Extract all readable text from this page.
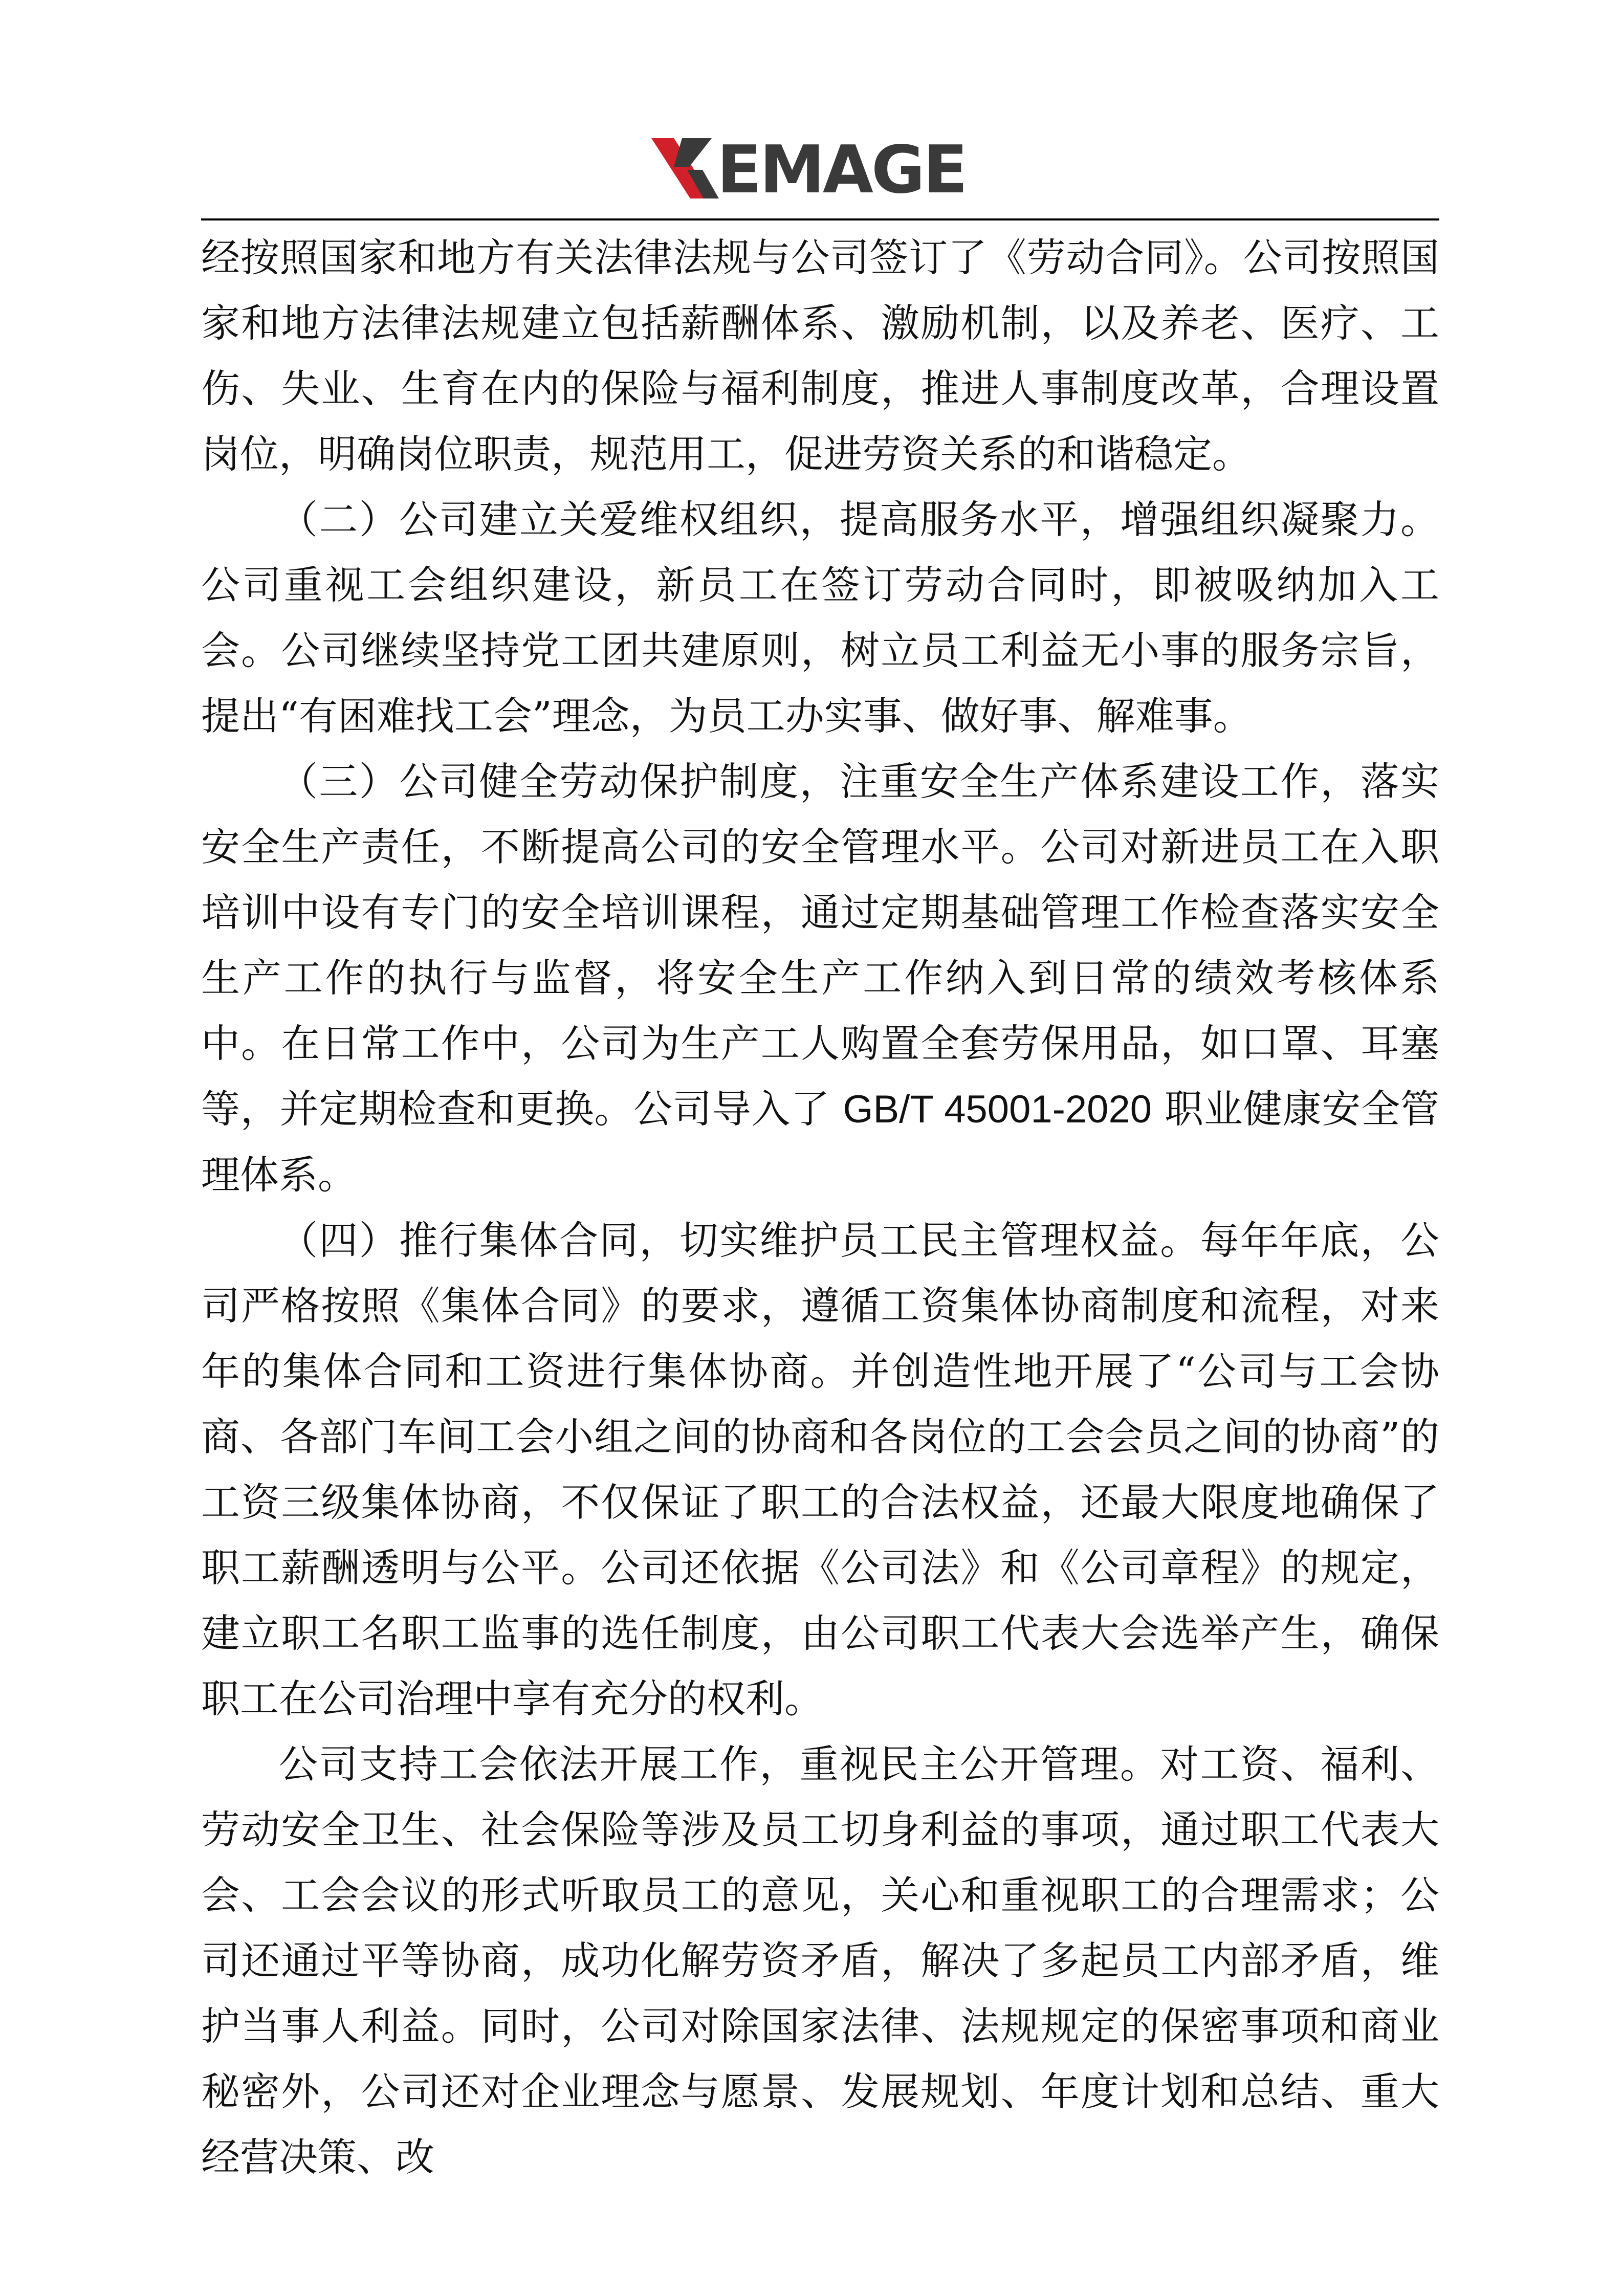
EMAGE

经按照国家和地方有关法律法规与公司签订了《劳动合同》。公司按照国家和地方法律法规建立包括薪酬体系、激励机制，以及养老、医疗、工伤、失业、生育在内的保险与福利制度，推进人事制度改革，合理设置岗位，明确岗位职责，规范用工，促进劳资关系的和谐稳定。

（二）公司建立关爱维权组织，提高服务水平，增强组织凝聚力。公司重视工会组织建设，新员工在签订劳动合同时，即被吸纳加入工会。公司继续坚持党工团共建原则，树立员工利益无小事的服务宗旨，提出“有困难找工会”理念，为员工办实事、做好事、解难事。

（三）公司健全劳动保护制度，注重安全生产体系建设工作，落实安全生产责任，不断提高公司的安全管理水平。公司对新进员工在入职培训中设有专门的安全培训课程，通过定期基础管理工作检查落实安全生产工作的执行与监督，将安全生产工作纳入到日常的绩效考核体系中。在日常工作中，公司为生产工人购置全套劳保用品，如口罩、耳塞等，并定期检查和更换。公司导入了 GB/T 45001-2020 职业健康安全管理体系。

（四）推行集体合同，切实维护员工民主管理权益。每年年底，公司严格按照《集体合同》的要求，遵循工资集体协商制度和流程，对来年的集体合同和工资进行集体协商。并创造性地开展了“公司与工会协商、各部门车间工会小组之间的协商和各岗位的工会会员之间的协商”的工资三级集体协商，不仅保证了职工的合法权益，还最大限度地确保了职工薪酬透明与公平。公司还依据《公司法》和《公司章程》的规定，建立职工名职工监事的选任制度，由公司职工代表大会选举产生，确保职工在公司治理中享有充分的权利。

公司支持工会依法开展工作，重视民主公开管理。对工资、福利、劳动安全卫生、社会保险等涉及员工切身利益的事项，通过职工代表大会、工会会议的形式听取员工的意见，关心和重视职工的合理需求；公司还通过平等协商，成功化解劳资矛盾，解决了多起员工内部矛盾，维护当事人利益。同时，公司对除国家法律、法规规定的保密事项和商业秘密外，公司还对企业理念与愿景、发展规划、年度计划和总结、重大经营决策、改
